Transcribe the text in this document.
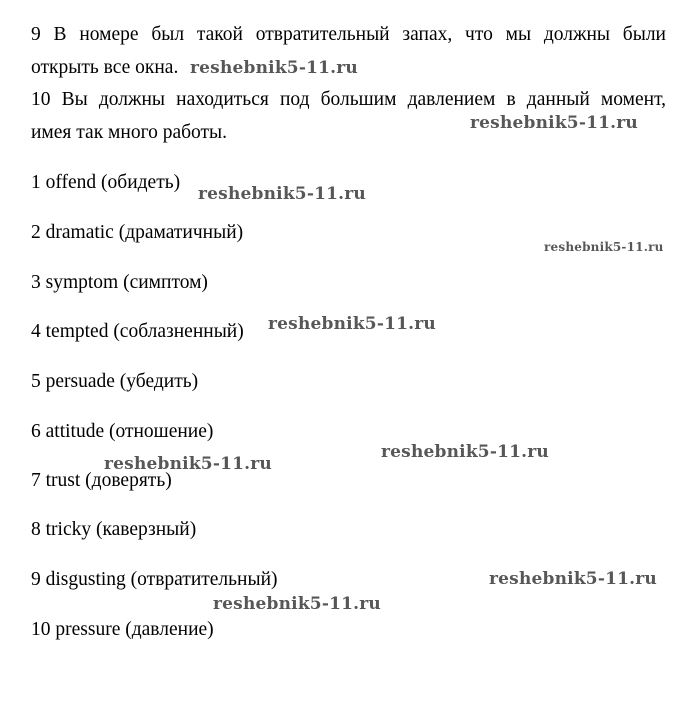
9 В номере был такой отвратительный запах, что мы должны были
открыть все окна.
10 Вы должны находиться под большим давлением в данный момент,
имея так много работы.
1 offend (обидеть)
2 dramatic (драматичный)
3 symptom (симптом)
4 tempted (соблазненный)
5 persuade (убедить)
6 attitude (отношение)
7 trust (доверять)
8 tricky (каверзный)
9 disgusting (отвратительный)
10 pressure (давление)
reshebnik5-11.ru
reshebnik5-11.ru
reshebnik5-11.ru
reshebnik5-11.ru
reshebnik5-11.ru
reshebnik5-11.ru
reshebnik5-11.ru
reshebnik5-11.ru
reshebnik5-11.ru
